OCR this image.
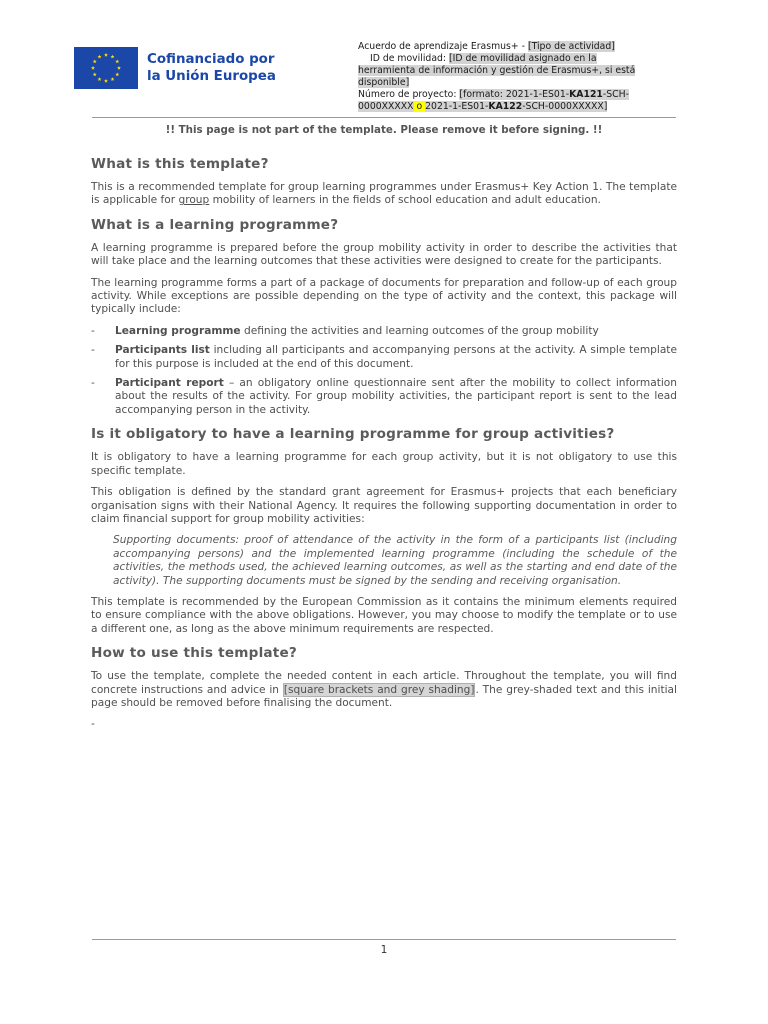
Cofinanciado por
la Unión Europea
Acuerdo de aprendizaje Erasmus+ - [Tipo de actividad]
ID de movilidad: [ID de movilidad asignado en la
herramienta de información y gestión de Erasmus+, si está
disponible]
Número de proyecto: [formato: 2021-1-ES01-KA121-SCH-
0000XXXXX o 2021-1-ES01-KA122-SCH-0000XXXXX]
!! This page is not part of the template. Please remove it before signing. !!
What is this template?

This is a recommended template for group learning programmes under Erasmus+ Key Action 1. The template is applicable for group mobility of learners in the fields of school education and adult education.

What is a learning programme?

A learning programme is prepared before the group mobility activity in order to describe the activities that will take place and the learning outcomes that these activities were designed to create for the participants.

The learning programme forms a part of a package of documents for preparation and follow-up of each group activity. While exceptions are possible depending on the type of activity and the context, this package will typically include:

- Learning programme defining the activities and learning outcomes of the group mobility
- Participants list including all participants and accompanying persons at the activity. A simple template for this purpose is included at the end of this document.
- Participant report – an obligatory online questionnaire sent after the mobility to collect information about the results of the activity. For group mobility activities, the participant report is sent to the lead accompanying person in the activity.
Is it obligatory to have a learning programme for group activities?

It is obligatory to have a learning programme for each group activity, but it is not obligatory to use this specific template.

This obligation is defined by the standard grant agreement for Erasmus+ projects that each beneficiary organisation signs with their National Agency. It requires the following supporting documentation in order to claim financial support for group mobility activities:

Supporting documents: proof of attendance of the activity in the form of a participants list (including accompanying persons) and the implemented learning programme (including the schedule of the activities, the methods used, the achieved learning outcomes, as well as the starting and end date of the activity). The supporting documents must be signed by the sending and receiving organisation.

This template is recommended by the European Commission as it contains the minimum elements required to ensure compliance with the above obligations. However, you may choose to modify the template or to use a different one, as long as the above minimum requirements are respected.

How to use this template?

To use the template, complete the needed content in each article. Throughout the template, you will find concrete instructions and advice in [square brackets and grey shading]. The grey-shaded text and this initial page should be removed before finalising the document.

-

1
